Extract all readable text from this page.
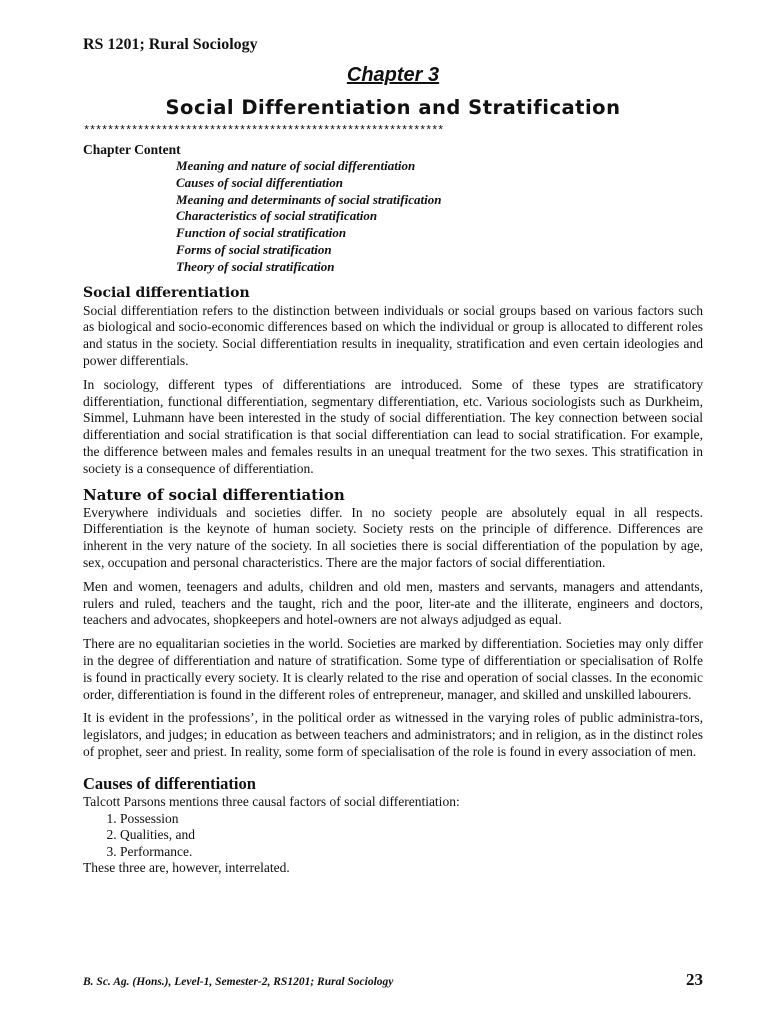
RS 1201; Rural Sociology

Chapter 3
Social Differentiation and Stratification
************************************************************
Chapter Content
Meaning and nature of social differentiation
Causes of social differentiation
Meaning and determinants of social stratification
Characteristics of social stratification
Function of social stratification
Forms of social stratification
Theory of social stratification
Social differentiation

Social differentiation refers to the distinction between individuals or social groups based on various factors such as biological and socio-economic differences based on which the individual or group is allocated to different roles and status in the society. Social differentiation results in inequality, stratification and even certain ideologies and power differentials.

In sociology, different types of differentiations are introduced. Some of these types are stratificatory differentiation, functional differentiation, segmentary differentiation, etc. Various sociologists such as Durkheim, Simmel, Luhmann have been interested in the study of social differentiation. The key connection between social differentiation and social stratification is that social differentiation can lead to social stratification. For example, the difference between males and females results in an unequal treatment for the two sexes. This stratification in society is a consequence of differentiation.

Nature of social differentiation

Everywhere individuals and societies differ. In no society people are absolutely equal in all respects. Differentiation is the keynote of human society. Society rests on the principle of difference. Differences are inherent in the very nature of the society. In all societies there is social differentiation of the population by age, sex, occupation and personal characteristics. There are the major factors of social differentiation.

Men and women, teenagers and adults, children and old men, masters and servants, managers and attendants, rulers and ruled, teachers and the taught, rich and the poor, liter-ate and the illiterate, engineers and doctors, teachers and advocates, shopkeepers and hotel-owners are not always adjudged as equal.

There are no equalitarian societies in the world. Societies are marked by differentiation. Societies may only differ in the degree of differentiation and nature of stratification. Some type of differentiation or specialisation of Rolfe is found in practically every society. It is clearly related to the rise and operation of social classes. In the economic order, differentiation is found in the different roles of entrepreneur, manager, and skilled and unskilled labourers.

It is evident in the professions’, in the political order as witnessed in the varying roles of public administra-tors, legislators, and judges; in education as between teachers and administrators; and in religion, as in the distinct roles of prophet, seer and priest. In reality, some form of specialisation of the role is found in every association of men.

Causes of differentiation

Talcott Parsons mentions three causal factors of social differentiation:

1. Possession
2. Qualities, and
3. Performance.

These three are, however, interrelated.

B. Sc. Ag. (Hons.), Level-1, Semester-2, RS1201; Rural Sociology	23
